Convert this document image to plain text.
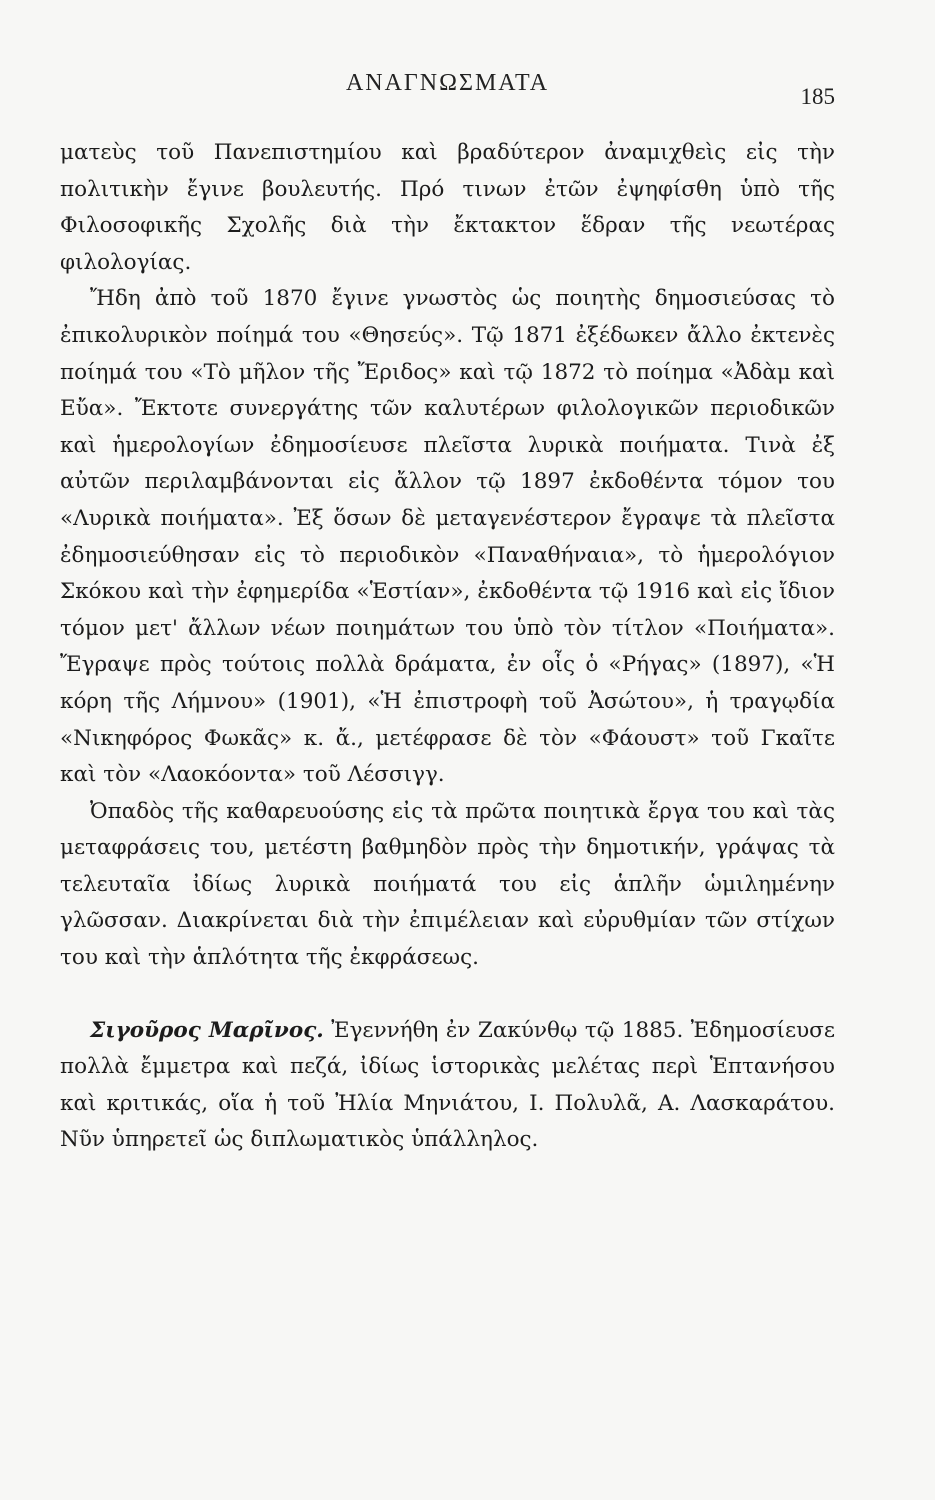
ΑΝΑΓΝΩΣΜΑΤΑ
185

ματεὺς τοῦ Πανεπιστημίου καὶ βραδύτερον ἀναμιχθεὶς εἰς τὴν πολιτικὴν ἔγινε βουλευτής. Πρό τινων ἐτῶν ἐψηφίσθη ὑπὸ τῆς Φιλοσοφικῆς Σχολῆς διὰ τὴν ἔκτακτον ἕδραν τῆς νεωτέρας φιλολογίας.

Ἤδη ἀπὸ τοῦ 1870 ἔγινε γνωστὸς ὡς ποιητὴς δημοσιεύσας τὸ ἐπικολυρικὸν ποίημά του «Θησεύς». Τῷ 1871 ἐξέδωκεν ἄλλο ἐκτενὲς ποίημά του «Τὸ μῆλον τῆς Ἔριδος» καὶ τῷ 1872 τὸ ποίημα «Ἀδὰμ καὶ Εὔα». Ἔκτοτε συνεργάτης τῶν καλυτέρων φιλολογικῶν περιοδικῶν καὶ ἡμερολογίων ἐδημοσίευσε πλεῖστα λυρικὰ ποιήματα. Τινὰ ἐξ αὐτῶν περιλαμβάνονται εἰς ἄλλον τῷ 1897 ἐκδοθέντα τόμον του «Λυρικὰ ποιήματα». Ἐξ ὅσων δὲ μεταγενέστερον ἔγραψε τὰ πλεῖστα ἐδημοσιεύθησαν εἰς τὸ περιοδικὸν «Παναθήναια», τὸ ἡμερολόγιον Σκόκου καὶ τὴν ἐφημερίδα «Ἑστίαν», ἐκδοθέντα τῷ 1916 καὶ εἰς ἴδιον τόμον μετ' ἄλλων νέων ποιημάτων του ὑπὸ τὸν τίτλον «Ποιήματα». Ἔγραψε πρὸς τούτοις πολλὰ δράματα, ἐν οἷς ὁ «Ρήγας» (1897), «Ἡ κόρη τῆς Λήμνου» (1901), «Ἡ ἐπιστροφὴ τοῦ Ἀσώτου», ἡ τραγῳδία «Νικηφόρος Φωκᾶς» κ. ἄ., μετέφρασε δὲ τὸν «Φάουστ» τοῦ Γκαῖτε καὶ τὸν «Λαοκόοντα» τοῦ Λέσσιγγ.

Ὀπαδὸς τῆς καθαρευούσης εἰς τὰ πρῶτα ποιητικὰ ἔργα του καὶ τὰς μεταφράσεις του, μετέστη βαθμηδὸν πρὸς τὴν δημοτικήν, γράψας τὰ τελευταῖα ἰδίως λυρικὰ ποιήματά του εἰς ἁπλῆν ὡμιλημένην γλῶσσαν. Διακρίνεται διὰ τὴν ἐπιμέλειαν καὶ εὐρυθμίαν τῶν στίχων του καὶ τὴν ἁπλότητα τῆς ἐκφράσεως.

Σιγοῦρος Μαρῖνος. Ἐγεννήθη ἐν Ζακύνθῳ τῷ 1885. Ἐδημοσίευσε πολλὰ ἔμμετρα καὶ πεζά, ἰδίως ἱστορικὰς μελέτας περὶ Ἑπτανήσου καὶ κριτικάς, οἵα ἡ τοῦ Ἠλία Μηνιάτου, Ι. Πολυλᾶ, Α. Λασκαράτου. Νῦν ὑπηρετεῖ ὡς διπλωματικὸς ὑπάλληλος.
